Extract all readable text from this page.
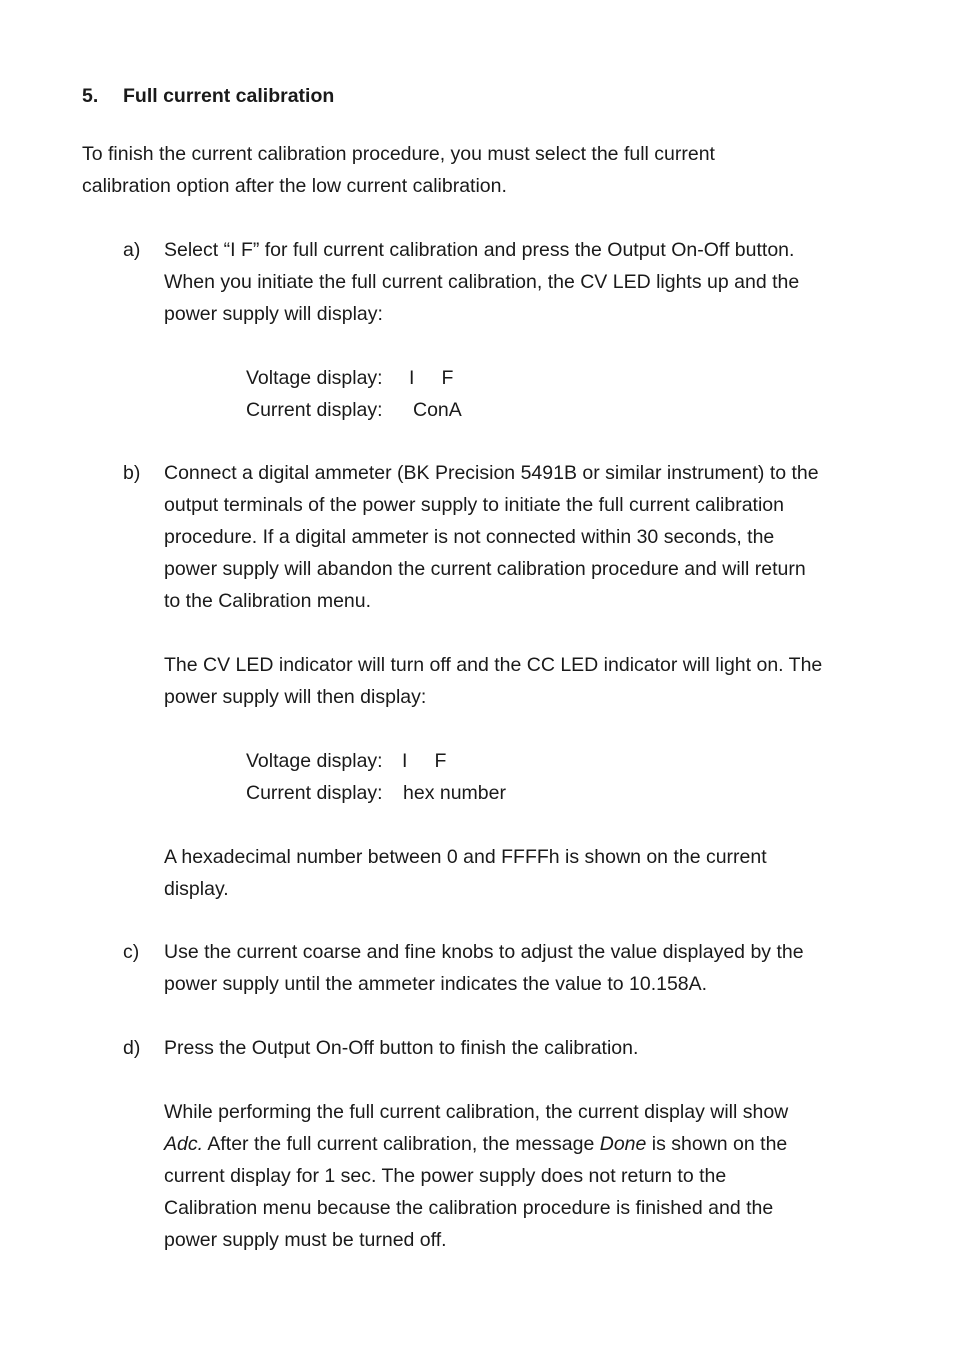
5. Full current calibration
To finish the current calibration procedure, you must select the full current
calibration option after the low current calibration.
a) Select “I F” for full current calibration and press the Output On-Off button.
When you initiate the full current calibration, the CV LED lights up and the
power supply will display:
Voltage display: I     F
Current display: ConA
b) Connect a digital ammeter (BK Precision 5491B or similar instrument) to the
output terminals of the power supply to initiate the full current calibration
procedure. If a digital ammeter is not connected within 30 seconds, the
power supply will abandon the current calibration procedure and will return
to the Calibration menu.
The CV LED indicator will turn off and the CC LED indicator will light on. The
power supply will then display:
Voltage display: I     F
Current display: hex number
A hexadecimal number between 0 and FFFFh is shown on the current
display.
c) Use the current coarse and fine knobs to adjust the value displayed by the
power supply until the ammeter indicates the value to 10.158A.
d) Press the Output On-Off button to finish the calibration.
While performing the full current calibration, the current display will show
Adc. After the full current calibration, the message Done is shown on the
current display for 1 sec. The power supply does not return to the
Calibration menu because the calibration procedure is finished and the
power supply must be turned off.
